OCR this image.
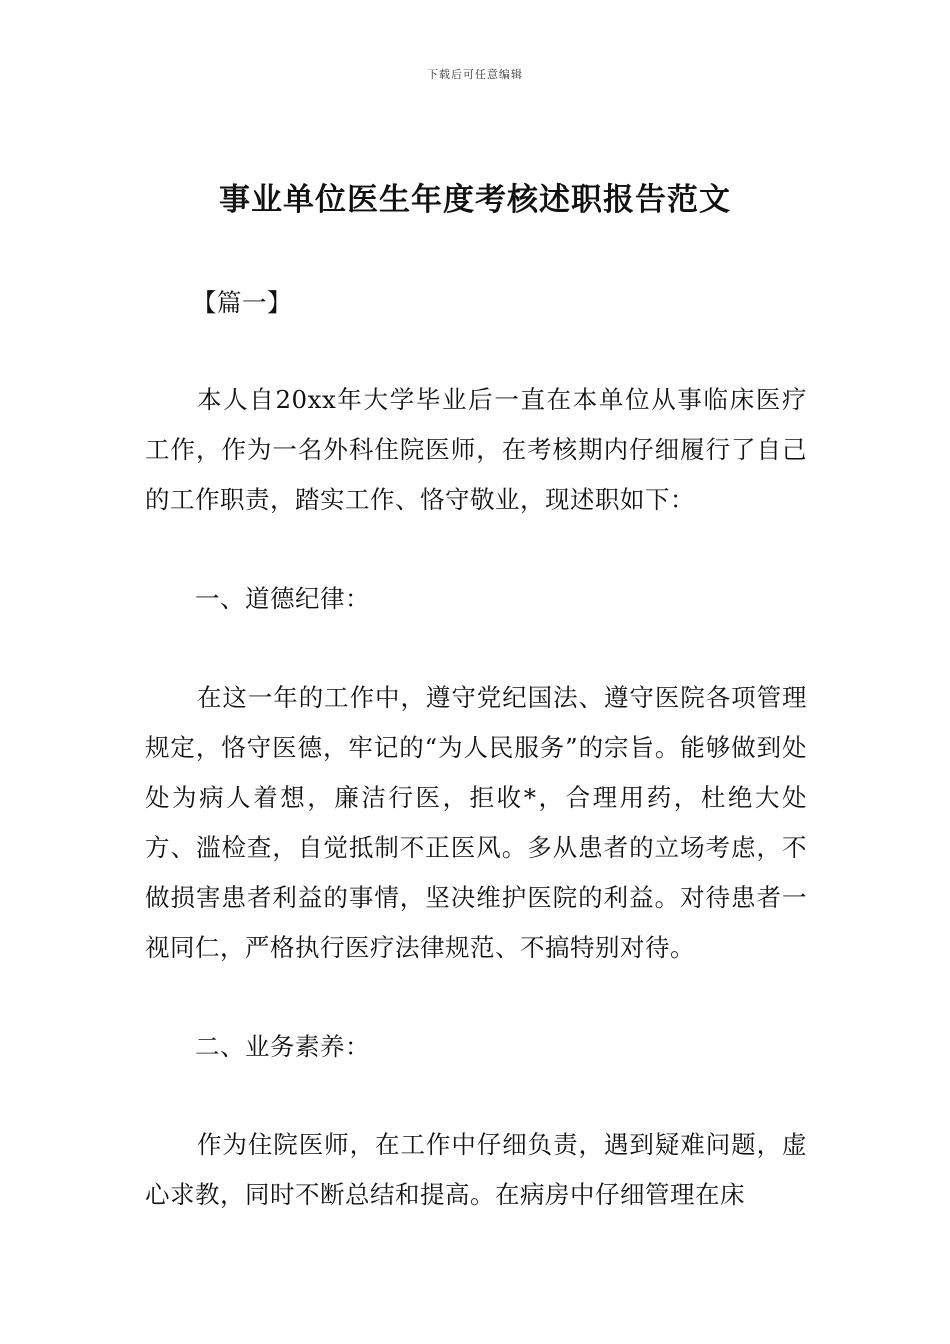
下载后可任意编辑
事业单位医生年度考核述职报告范文

【篇一】

本人自20xx年大学毕业后一直在本单位从事临床医疗工作，作为一名外科住院医师，在考核期内仔细履行了自己的工作职责，踏实工作、恪守敬业，现述职如下：

一、道德纪律：

在这一年的工作中，遵守党纪国法、遵守医院各项管理规定，恪守医德，牢记的“为人民服务”的宗旨。能够做到处处为病人着想，廉洁行医，拒收*，合理用药，杜绝大处方、滥检查，自觉抵制不正医风。多从患者的立场考虑，不做损害患者利益的事情，坚决维护医院的利益。对待患者一视同仁，严格执行医疗法律规范、不搞特别对待。

二、业务素养：

作为住院医师，在工作中仔细负责，遇到疑难问题，虚心求教，同时不断总结和提高。在病房中仔细管理在床
